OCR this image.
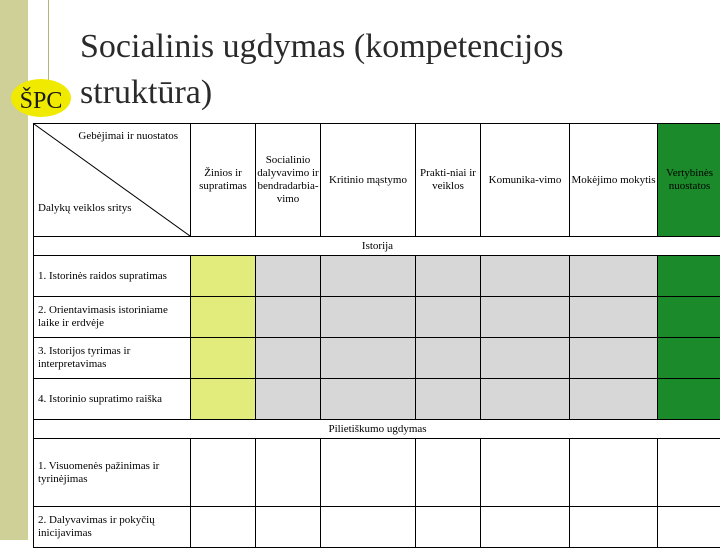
ŠPC
Socialinis ugdymas (kompetencijos struktūra)
Gebėjimai ir nuostatos
Dalykų veiklos sritys	Žinios ir supratimas	Socialinio dalyvavimo ir bendradarbia-vimo	Kritinio mąstymo	Prakti-niai ir veiklos	Komunika-vimo	Mokėjimo mokytis	Vertybinės nuostatos
Istorija							
1. Istorinės raidos supratimas							
2. Orientavimasis istoriniame laike ir erdvėje							
3. Istorijos tyrimas ir interpretavimas							
4. Istorinio supratimo raiška							
Pilietiškumo ugdymas							
1. Visuomenės pažinimas ir tyrinėjimas							
2. Dalyvavimas ir pokyčių inicijavimas							
